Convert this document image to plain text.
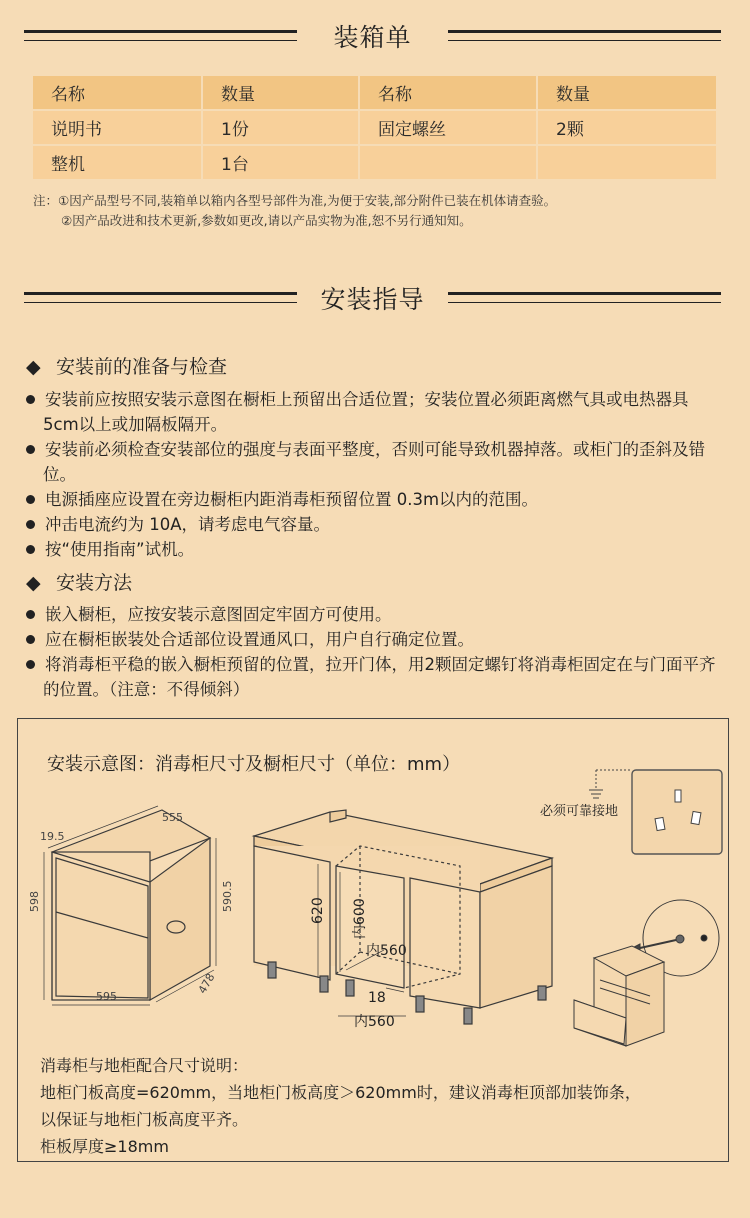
装箱单
名称	数量	名称	数量
说明书	1份	固定螺丝	2颗
整机	1台		
注：①因产品型号不同,装箱单以箱内各型号部件为准,为便于安装,部分附件已装在机体请查验。
②因产品改进和技术更新,参数如更改,请以产品实物为准,恕不另行通知知。
安装指导
◆ 安装前的准备与检查
安装前应按照安装示意图在橱柜上预留出合适位置；安装位置必须距离燃气具或电热器具 5cm以上或加隔板隔开。
安装前必须检查安装部位的强度与表面平整度，否则可能导致机器掉落。或柜门的歪斜及错位。
电源插座应设置在旁边橱柜内距消毒柜预留位置 0.3m以内的范围。
冲击电流约为 10A，请考虑电气容量。
按“使用指南”试机。
◆ 安装方法
嵌入橱柜，应按安装示意图固定牢固方可使用。
应在橱柜嵌装处合适部位设置通风口，用户自行确定位置。
将消毒柜平稳的嵌入橱柜预留的位置，拉开门体，用2颗固定螺钉将消毒柜固定在与门面平齐的位置。（注意：不得倾斜）
安装示意图：消毒柜尺寸及橱柜尺寸（单位：mm）
555
19.5
598	590.5
595
478
620 内600
内560
18
内560
必须可靠接地
消毒柜与地柜配合尺寸说明：
地柜门板高度=620mm，当地柜门板高度＞620mm时，建议消毒柜顶部加装饰条，
以保证与地柜门板高度平齐。
柜板厚度≥18mm
